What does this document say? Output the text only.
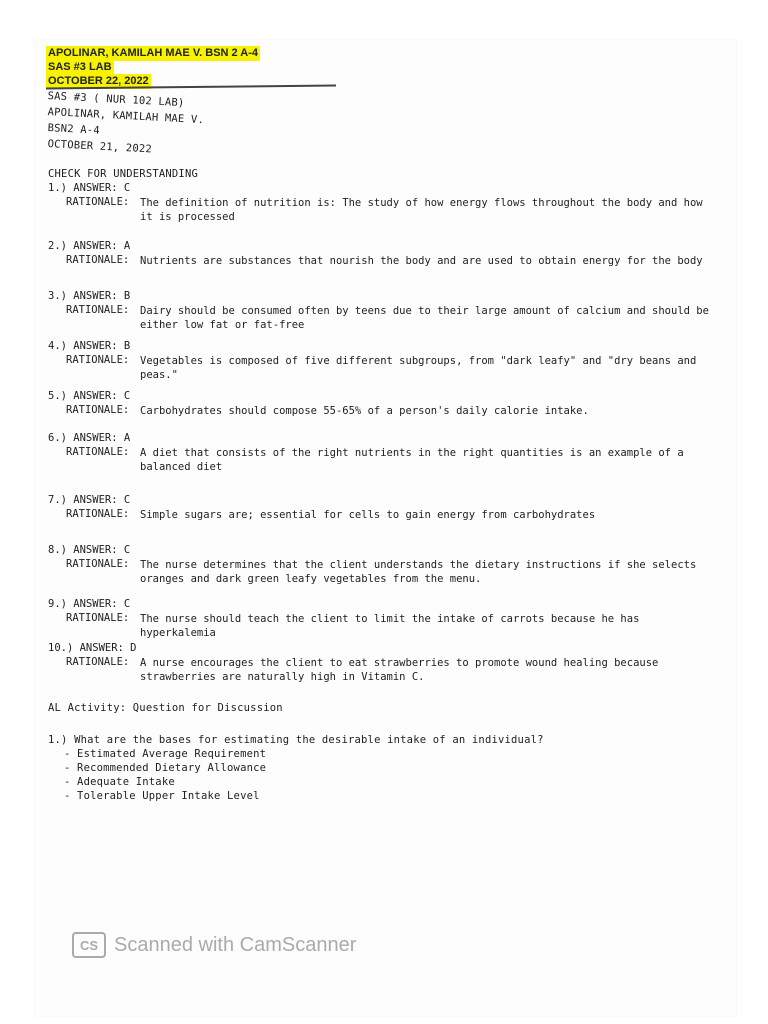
APOLINAR, KAMILAH MAE V. BSN 2 A-4
SAS #3 LAB
OCTOBER 22, 2022
SAS #3 ( NUR 102 LAB)
APOLINAR, KAMILAH MAE V.
BSN2 A-4
OCTOBER 21, 2022
CHECK FOR UNDERSTANDING
1.) ANSWER: C
RATIONALE:	The definition of nutrition is: The study of how energy flows throughout the body and how it is processed
2.) ANSWER: A
RATIONALE:	Nutrients are substances that nourish the body and are used to obtain energy for the body
3.) ANSWER: B
RATIONALE:	Dairy should be consumed often by teens due to their large amount of calcium and should be either low fat or fat-free
4.) ANSWER: B
RATIONALE:	Vegetables is composed of five different subgroups, from "dark leafy" and "dry beans and peas."
5.) ANSWER: C
RATIONALE:	Carbohydrates should compose 55-65% of a person's daily calorie intake.
6.) ANSWER: A
RATIONALE:	A diet that consists of the right nutrients in the right quantities is an example of a balanced diet
7.) ANSWER: C
RATIONALE:	Simple sugars are; essential for cells to gain energy from carbohydrates
8.) ANSWER: C
RATIONALE:	The nurse determines that the client understands the dietary instructions if she selects oranges and dark green leafy vegetables from the menu.
9.) ANSWER: C
RATIONALE:	The nurse should teach the client to limit the intake of carrots because he has hyperkalemia
10.) ANSWER: D
RATIONALE:	A nurse encourages the client to eat strawberries to promote wound healing because strawberries are naturally high in Vitamin C.
AL Activity: Question for Discussion
1.) What are the bases for estimating the desirable intake of an individual?
- Estimated Average Requirement
- Recommended Dietary Allowance
- Adequate Intake
- Tolerable Upper Intake Level
CS Scanned with CamScanner
